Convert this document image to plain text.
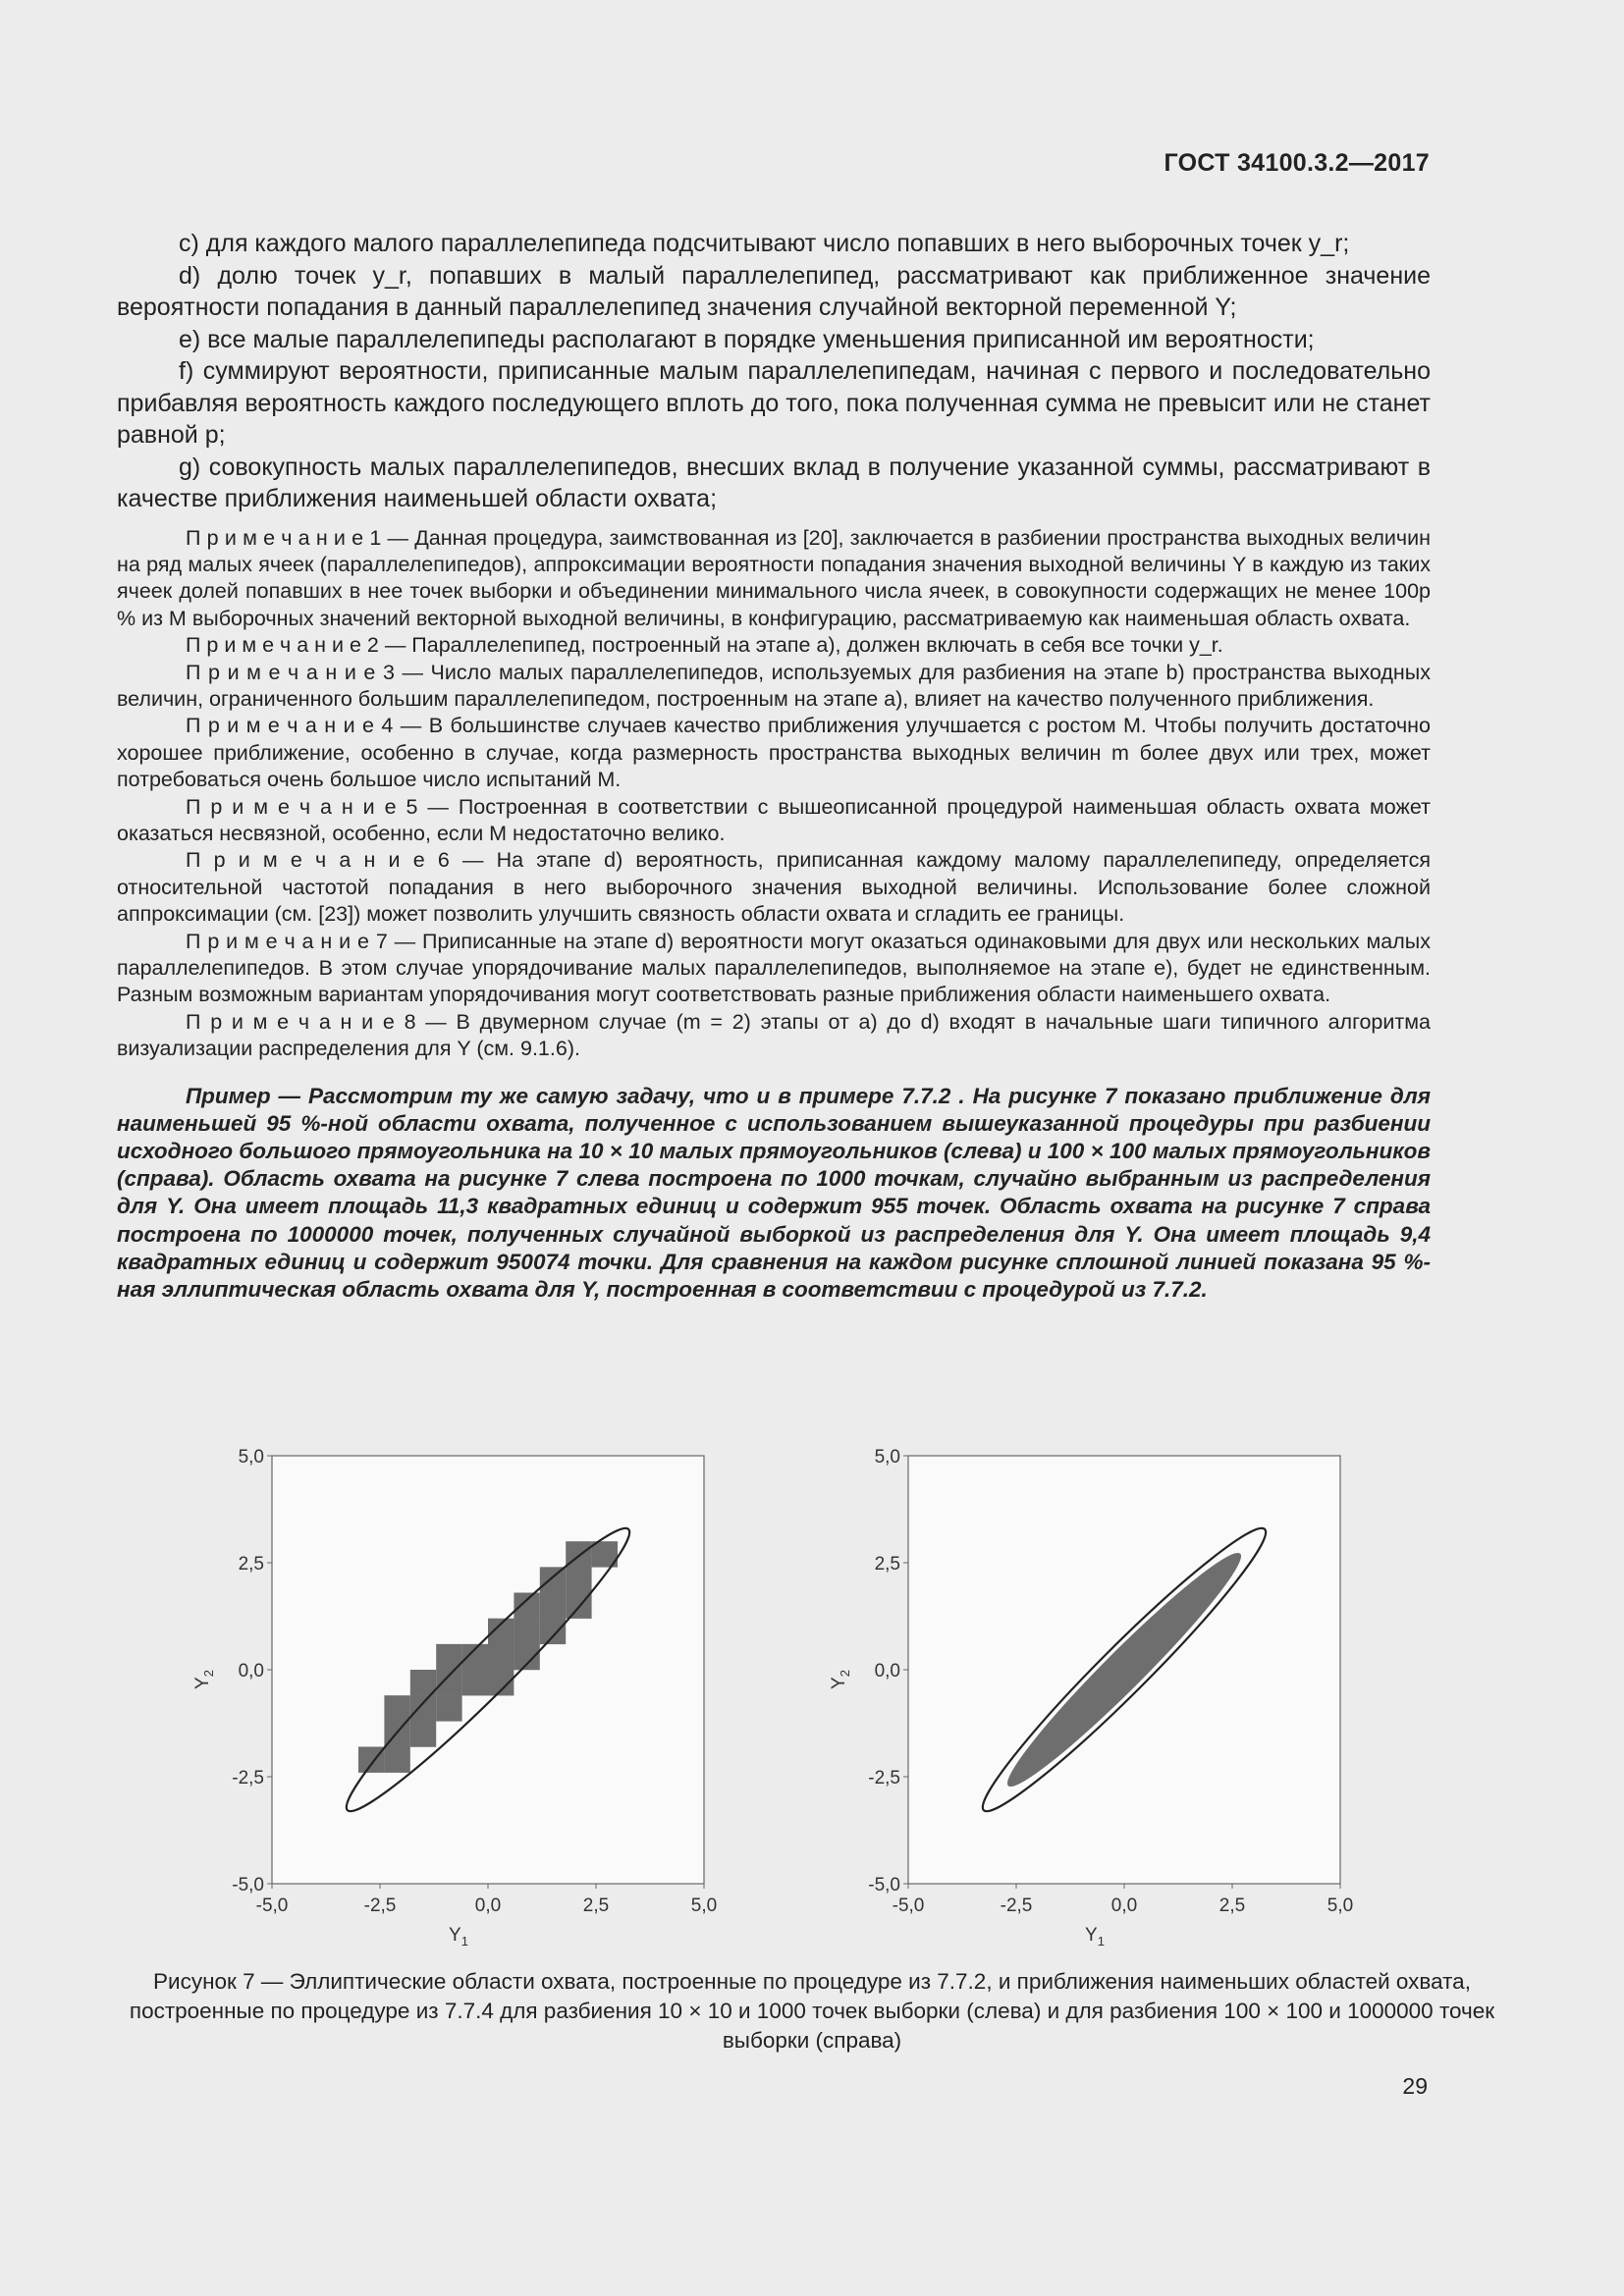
ГОСТ 34100.3.2—2017

c) для каждого малого параллелепипеда подсчитывают число попавших в него выборочных точек y_r;

d) долю точек y_r, попавших в малый параллелепипед, рассматривают как приближенное значение вероятности попадания в данный параллелепипед значения случайной векторной переменной Y;

e) все малые параллелепипеды располагают в порядке уменьшения приписанной им вероятности;

f) суммируют вероятности, приписанные малым параллелепипедам, начиная с первого и последовательно прибавляя вероятность каждого последующего вплоть до того, пока полученная сумма не превысит или не станет равной p;

g) совокупность малых параллелепипедов, внесших вклад в получение указанной суммы, рассматривают в качестве приближения наименьшей области охвата;

П р и м е ч а н и е 1 — Данная процедура, заимствованная из [20], заключается в разбиении пространства выходных величин на ряд малых ячеек (параллелепипедов), аппроксимации вероятности попадания значения выходной величины Y в каждую из таких ячеек долей попавших в нее точек выборки и объединении минимального числа ячеек, в совокупности содержащих не менее 100p % из M выборочных значений векторной выходной величины, в конфигурацию, рассматриваемую как наименьшая область охвата.

П р и м е ч а н и е 2 — Параллелепипед, построенный на этапе a), должен включать в себя все точки y_r.

П р и м е ч а н и е 3 — Число малых параллелепипедов, используемых для разбиения на этапе b) пространства выходных величин, ограниченного большим параллелепипедом, построенным на этапе a), влияет на качество полученного приближения.

П р и м е ч а н и е 4 — В большинстве случаев качество приближения улучшается с ростом M. Чтобы получить достаточно хорошее приближение, особенно в случае, когда размерность пространства выходных величин m более двух или трех, может потребоваться очень большое число испытаний M.

П р и м е ч а н и е 5 — Построенная в соответствии с вышеописанной процедурой наименьшая область охвата может оказаться несвязной, особенно, если M недостаточно велико.

П р и м е ч а н и е 6 — На этапе d) вероятность, приписанная каждому малому параллелепипеду, определяется относительной частотой попадания в него выборочного значения выходной величины. Использование более сложной аппроксимации (см. [23]) может позволить улучшить связность области охвата и сгладить ее границы.

П р и м е ч а н и е 7 — Приписанные на этапе d) вероятности могут оказаться одинаковыми для двух или нескольких малых параллелепипедов. В этом случае упорядочивание малых параллелепипедов, выполняемое на этапе e), будет не единственным. Разным возможным вариантам упорядочивания могут соответствовать разные приближения области наименьшего охвата.

П р и м е ч а н и е 8 — В двумерном случае (m = 2) этапы от a) до d) входят в начальные шаги типичного алгоритма визуализации распределения для Y (см. 9.1.6).

Пример — Рассмотрим ту же самую задачу, что и в примере 7.7.2 . На рисунке 7 показано приближение для наименьшей 95 %-ной области охвата, полученное с использованием вышеуказанной процедуры при разбиении исходного большого прямоугольника на 10 × 10 малых прямоугольников (слева) и 100 × 100 малых прямоугольников (справа). Область охвата на рисунке 7 слева построена по 1000 точкам, случайно выбранным из распределения для Y. Она имеет площадь 11,3 квадратных единиц и содержит 955 точек. Область охвата на рисунке 7 справа построена по 1000000 точек, полученных случайной выборкой из распределения для Y. Она имеет площадь 9,4 квадратных единиц и содержит 950074 точки. Для сравнения на каждом рисунке сплошной линией показана 95 %-ная эллиптическая область охвата для Y, построенная в соответствии с процедурой из 7.7.2.

-5,0	-2,5	0,0	2,5	5,0
5,0
2,5
0,0
-2,5
-5,0
$Y_1$
$Y_2$
-5,0	-2,5	0,0	2,5	5,0
5,0
2,5
0,0
-2,5
-5,0
$Y_1$
$Y_2$
Рисунок 7 — Эллиптические области охвата, построенные по процедуре из 7.7.2, и приближения наименьших областей охвата, построенные по процедуре из 7.7.4 для разбиения 10 × 10 и 1000 точек выборки (слева) и для разбиения 100 × 100 и 1000000 точек выборки (справа)
29
